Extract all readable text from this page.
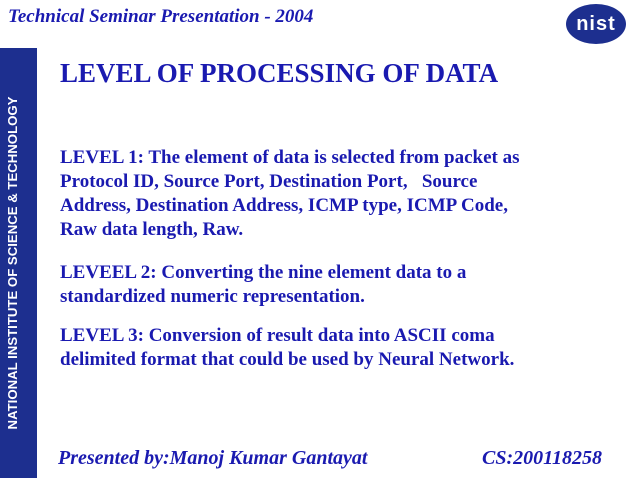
Technical Seminar Presentation - 2004	nist
NATIONAL INSTITUTE OF SCIENCE & TECHNOLOGY
LEVEL OF PROCESSING OF DATA

LEVEL 1: The element of data is selected from packet as
Protocol ID, Source Port, Destination Port,   Source
Address, Destination Address, ICMP type, ICMP Code,
Raw data length, Raw.

LEVEEL 2: Converting the nine element data to a
standardized numeric representation.

LEVEL 3: Conversion of result data into ASCII coma
delimited format that could be used by Neural Network.

Presented by:Manoj Kumar Gantayat	CS:200118258
